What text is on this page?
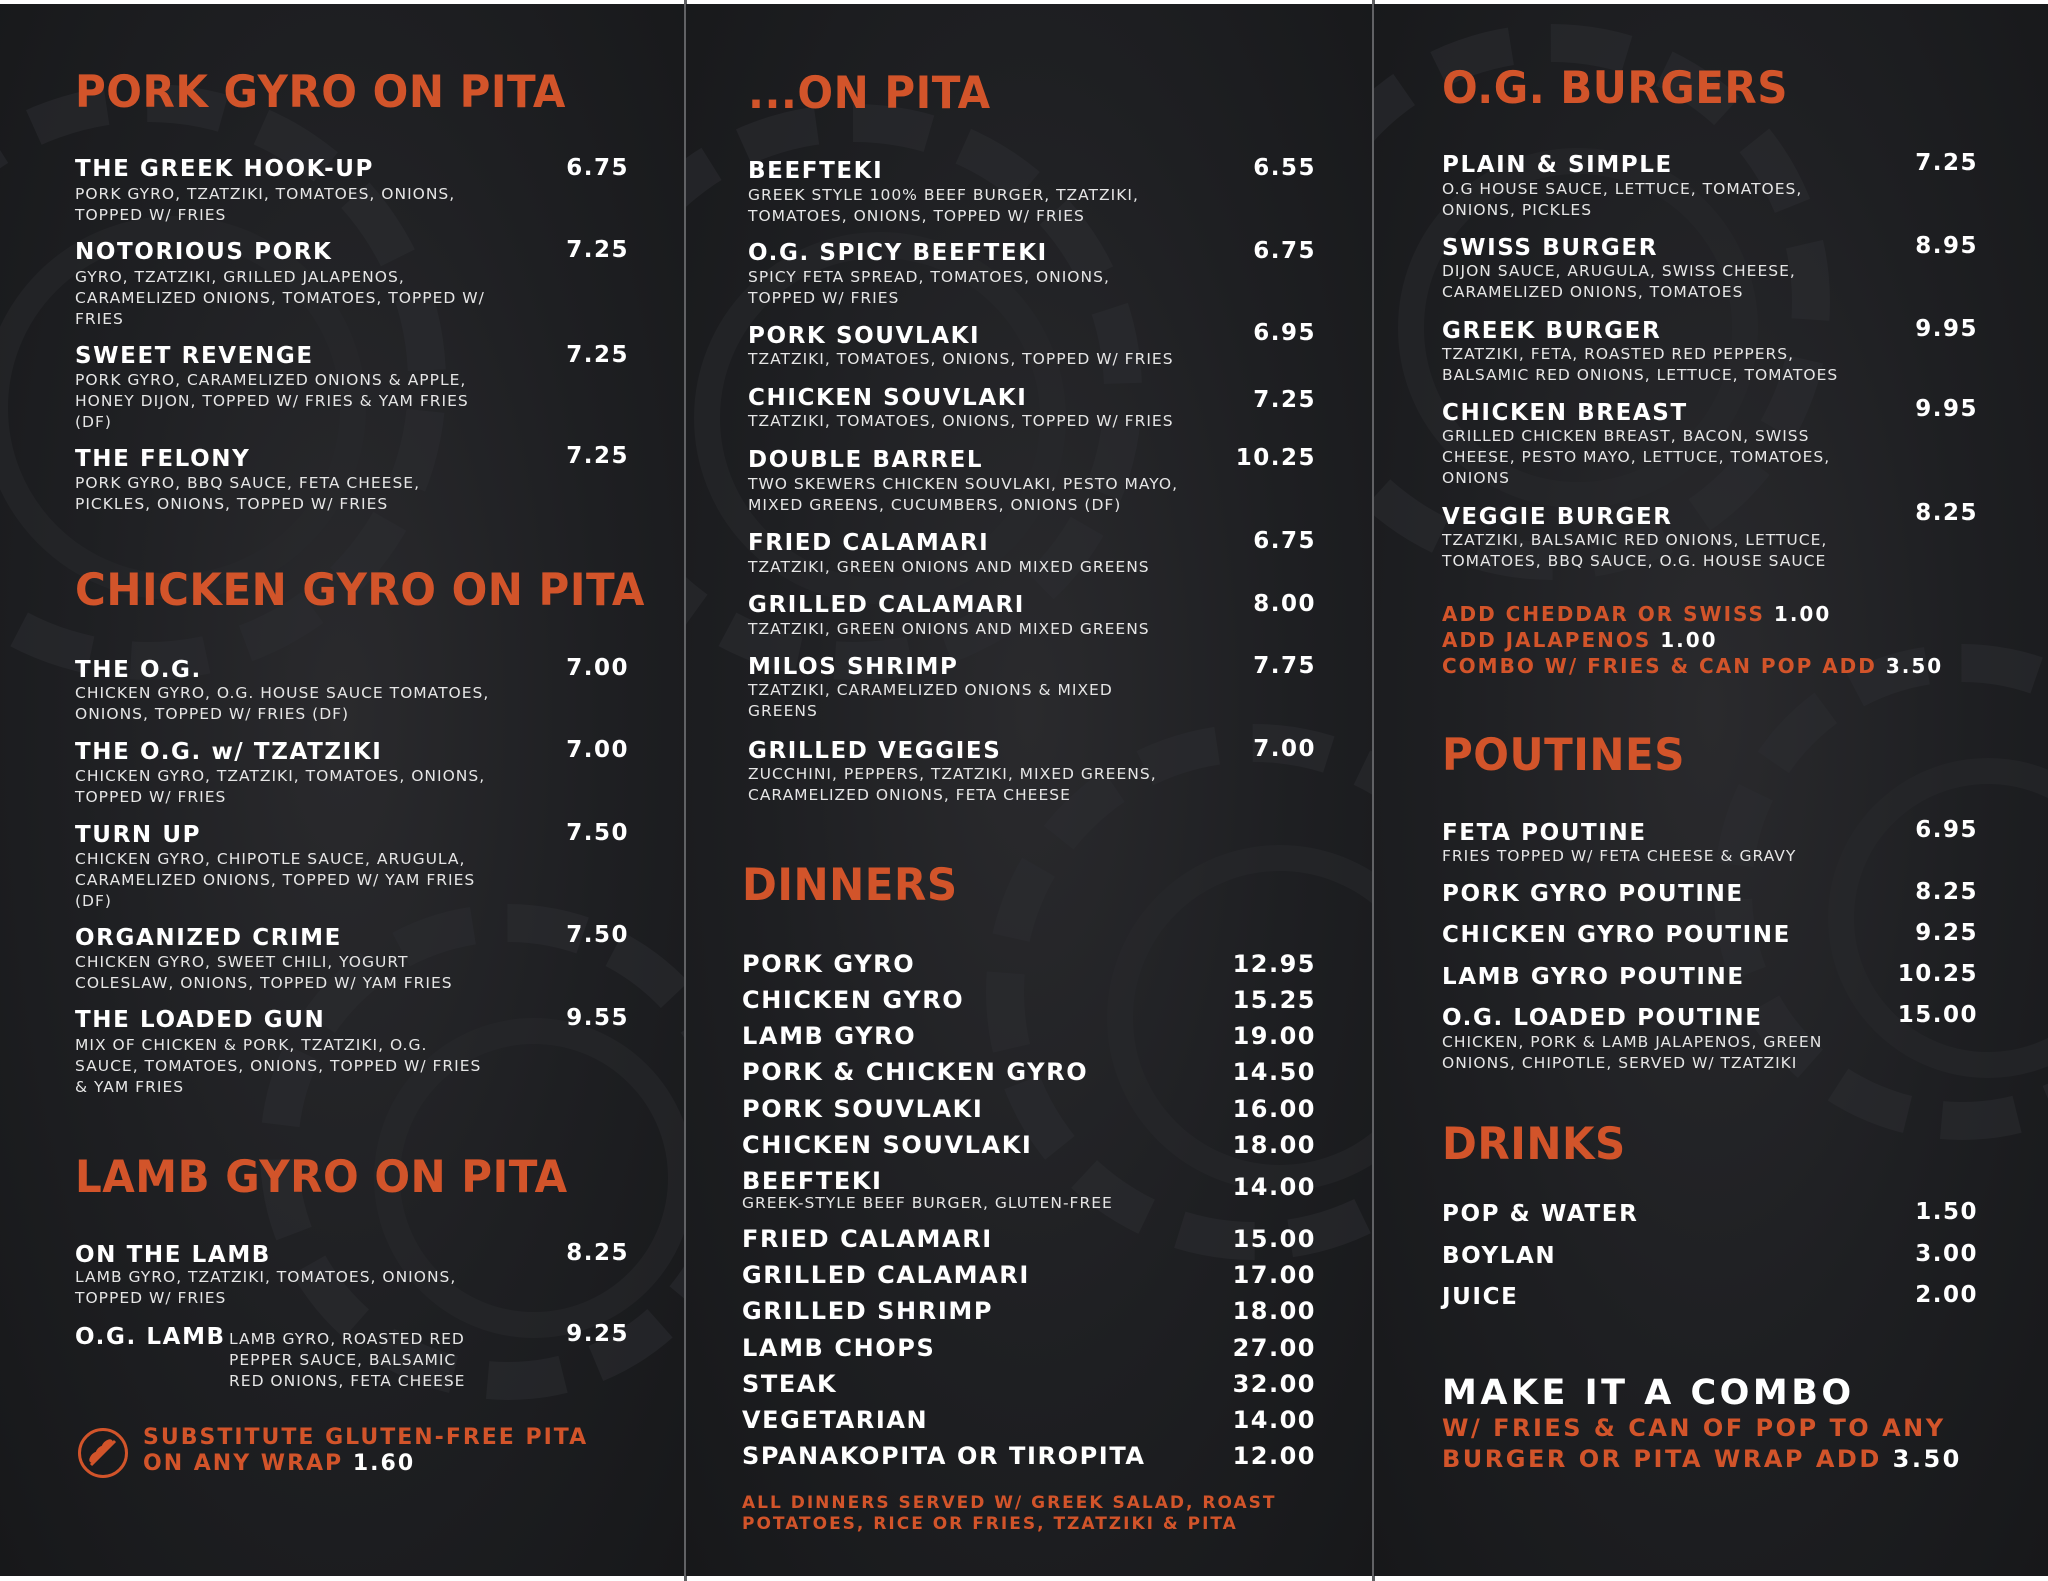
PORK GYRO ON PITA
THE GREEK HOOK-UP	6.75
PORK GYRO, TZATZIKI, TOMATOES, ONIONS, TOPPED W/ FRIES
NOTORIOUS PORK	7.25
GYRO, TZATZIKI, GRILLED JALAPENOS, CARAMELIZED ONIONS, TOMATOES, TOPPED W/ FRIES
SWEET REVENGE	7.25
PORK GYRO, CARAMELIZED ONIONS & APPLE, HONEY DIJON, TOPPED W/ FRIES & YAM FRIES (DF)
THE FELONY	7.25
PORK GYRO, BBQ SAUCE, FETA CHEESE, PICKLES, ONIONS, TOPPED W/ FRIES
CHICKEN GYRO ON PITA
THE O.G.	7.00
CHICKEN GYRO, O.G. HOUSE SAUCE TOMATOES, ONIONS, TOPPED W/ FRIES (DF)
THE O.G. w/ TZATZIKI	7.00
CHICKEN GYRO, TZATZIKI, TOMATOES, ONIONS, TOPPED W/ FRIES
TURN UP	7.50
CHICKEN GYRO, CHIPOTLE SAUCE, ARUGULA, CARAMELIZED ONIONS, TOPPED W/ YAM FRIES (DF)
ORGANIZED CRIME	7.50
CHICKEN GYRO, SWEET CHILI, YOGURT COLESLAW, ONIONS, TOPPED W/ YAM FRIES
THE LOADED GUN	9.55
MIX OF CHICKEN & PORK, TZATZIKI, O.G. SAUCE, TOMATOES, ONIONS, TOPPED W/ FRIES & YAM FRIES
LAMB GYRO ON PITA
ON THE LAMB	8.25
LAMB GYRO, TZATZIKI, TOMATOES, ONIONS, TOPPED W/ FRIES
O.G. LAMB	9.25
LAMB GYRO, ROASTED RED PEPPER SAUCE, BALSAMIC RED ONIONS, FETA CHEESE
SUBSTITUTE GLUTEN-FREE PITA
ON ANY WRAP 1.60
...ON PITA
BEEFTEKI	6.55
GREEK STYLE 100% BEEF BURGER, TZATZIKI, TOMATOES, ONIONS, TOPPED W/ FRIES
O.G. SPICY BEEFTEKI	6.75
SPICY FETA SPREAD, TOMATOES, ONIONS, TOPPED W/ FRIES
PORK SOUVLAKI	6.95
TZATZIKI, TOMATOES, ONIONS, TOPPED W/ FRIES
CHICKEN SOUVLAKI	7.25
TZATZIKI, TOMATOES, ONIONS, TOPPED W/ FRIES
DOUBLE BARREL	10.25
TWO SKEWERS CHICKEN SOUVLAKI, PESTO MAYO, MIXED GREENS, CUCUMBERS, ONIONS (DF)
FRIED CALAMARI	6.75
TZATZIKI, GREEN ONIONS AND MIXED GREENS
GRILLED CALAMARI	8.00
TZATZIKI, GREEN ONIONS AND MIXED GREENS
MILOS SHRIMP	7.75
TZATZIKI, CARAMELIZED ONIONS & MIXED GREENS
GRILLED VEGGIES	7.00
ZUCCHINI, PEPPERS, TZATZIKI, MIXED GREENS, CARAMELIZED ONIONS, FETA CHEESE
DINNERS
PORK GYRO	12.95
CHICKEN GYRO	15.25
LAMB GYRO	19.00
PORK & CHICKEN GYRO	14.50
PORK SOUVLAKI	16.00
CHICKEN SOUVLAKI	18.00
BEEFTEKI	14.00
GREEK-STYLE BEEF BURGER, GLUTEN-FREE
FRIED CALAMARI	15.00
GRILLED CALAMARI	17.00
GRILLED SHRIMP	18.00
LAMB CHOPS	27.00
STEAK	32.00
VEGETARIAN	14.00
SPANAKOPITA OR TIROPITA	12.00
ALL DINNERS SERVED W/ GREEK SALAD, ROAST POTATOES, RICE OR FRIES, TZATZIKI & PITA
O.G. BURGERS
PLAIN & SIMPLE	7.25
O.G HOUSE SAUCE, LETTUCE, TOMATOES, ONIONS, PICKLES
SWISS BURGER	8.95
DIJON SAUCE, ARUGULA, SWISS CHEESE, CARAMELIZED ONIONS, TOMATOES
GREEK BURGER	9.95
TZATZIKI, FETA, ROASTED RED PEPPERS, BALSAMIC RED ONIONS, LETTUCE, TOMATOES
CHICKEN BREAST	9.95
GRILLED CHICKEN BREAST, BACON, SWISS CHEESE, PESTO MAYO, LETTUCE, TOMATOES, ONIONS
VEGGIE BURGER	8.25
TZATZIKI, BALSAMIC RED ONIONS, LETTUCE, TOMATOES, BBQ SAUCE, O.G. HOUSE SAUCE
ADD CHEDDAR OR SWISS 1.00
ADD JALAPENOS 1.00
COMBO W/ FRIES & CAN POP ADD 3.50
POUTINES
FETA POUTINE	6.95
FRIES TOPPED W/ FETA CHEESE & GRAVY
PORK GYRO POUTINE	8.25
CHICKEN GYRO POUTINE	9.25
LAMB GYRO POUTINE	10.25
O.G. LOADED POUTINE	15.00
CHICKEN, PORK & LAMB JALAPENOS, GREEN ONIONS, CHIPOTLE, SERVED W/ TZATZIKI
DRINKS
POP & WATER	1.50
BOYLAN	3.00
JUICE	2.00
MAKE IT A COMBO
W/ FRIES & CAN OF POP TO ANY
BURGER OR PITA WRAP ADD 3.50
